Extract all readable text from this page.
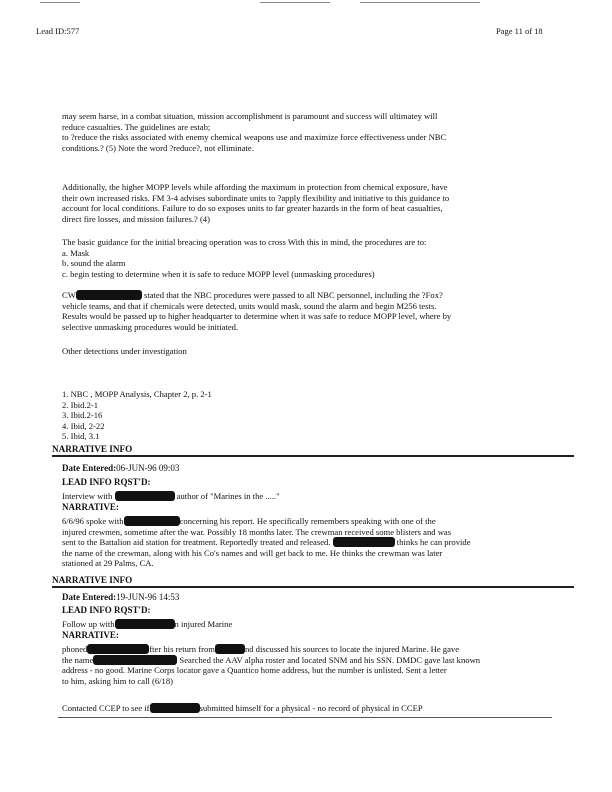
Lead ID:577	Page 11 of 18
may seem harse, in a combat situation, mission accomplishment is paramount and success will ultimatey will
reduce casualties. The guidelines are estab;
to ?reduce the risks associated with enemy chemical weapons use and maximize force effectiveness under NBC
conditions.? (5) Note the word ?reduce?, not elliminate.
Additionally, the higher MOPP levels while affording the maximum in protection from chemical exposure, have
their own increased risks. FM 3-4 advises subordinate units to ?apply flexibility and initiative to this guidance to
account for local conditions. Failure to do so exposes units to far greater hazards in the form of heat casualties,
direct fire losses, and mission failures.? (4)
The basic guidance for the initial breacing operation was to cross With this in mind, the procedures are to:
a. Mask
b. sound the alarm
c. begin testing to determine when it is safe to reduce MOPP level (unmasking procedures)
CW	stated that the NBC procedures were passed to all NBC personnel, including the ?Fox?
vehicle teams, and that if chemicals were detected, units would mask, sound the alarm and begin M256 tests.
Results would be passed up to higher headquarter to determine when it was safe to reduce MOPP level, where by
selective unmasking procedures would be initiated.
Other detections under investigation
1. NBC , MOPP Analysis, Chapter 2, p. 2-1
2. Ibid.2-1
3. Ibid.2-16
4. Ibid, 2-22
5. Ibid, 3.1
NARRATIVE INFO
Date Entered:06-JUN-96 09:03
LEAD INFO RQST'D:
Interview with	author of "Marines in the ....."
NARRATIVE:
6/6/96 spoke with	concerning his report. He specifically remembers speaking with one of the
injured crewmen, sometime after the war. Possibly 18 months later. The crewman received some blisters and was
sent to the Battalion aid station for treatment. Reportedly treated and released.	thinks he can provide
the name of the crewman, along with his Co's names and will get back to me. He thinks the crewman was later
stationed at 29 Palms, CA.
NARRATIVE INFO
Date Entered:19-JUN-96 14:53
LEAD INFO RQST'D:
Follow up with	n injured Marine
NARRATIVE:
phoned	fter his return from	nd discussed his sources to locate the injured Marine. He gave
the name	Searched the AAV alpha roster and located SNM and his SSN. DMDC gave last known
address - no good. Marine Corps locator gave a Quantico home address, but the number is unlisted. Sent a letter
to him, asking him to call (6/18)
Contacted CCEP to see if	submitted himself for a physical - no record of physical in CCEP
